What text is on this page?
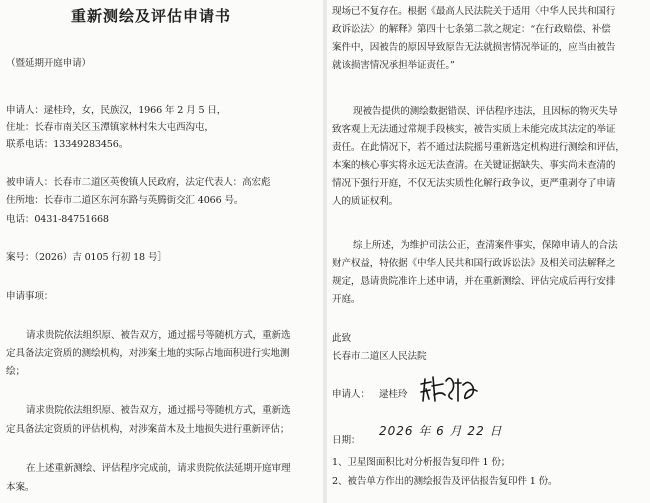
重新测绘及评估申请书
（暨延期开庭申请）
申请人：逯桂玲，女，民族汉，1966 年 2 月 5 日，
住址：长春市南关区玉潭镇家林村朱大屯西沟屯，
联系电话：13349283456。
被申请人：长春市二道区英俊镇人民政府，法定代表人：高宏彪
住所地：长春市二道区东河东路与英腾街交汇 4066 号。
电话：0431-84751668
案号：（2026）吉 0105 行初 18 号］
申请事项：
请求贵院依法组织原、被告双方，通过摇号等随机方式，重新选
定具备法定资质的测绘机构，对涉案土地的实际占地面积进行实地测
绘；
请求贵院依法组织原、被告双方，通过摇号等随机方式，重新选
定具备法定资质的评估机构，对涉案苗木及土地损失进行重新评估；
在上述重新测绘、评估程序完成前，请求贵院依法延期开庭审理
本案。
现场已不复存在。根据《最高人民法院关于适用〈中华人民共和国行
政诉讼法〉的解释》第四十七条第二款之规定：“在行政赔偿、补偿
案件中，因被告的原因导致原告无法就损害情况举证的，应当由被告
就该损害情况承担举证责任。”
现被告提供的测绘数据错误、评估程序违法，且因标的物灭失导
致客观上无法通过常规手段核实，被告实质上未能完成其法定的举证
责任。在此情况下，若不通过法院摇号重新选定机构进行测绘和评估，
本案的核心事实将永远无法查清。在关键证据缺失、事实尚未查清的
情况下强行开庭，不仅无法实质性化解行政争议，更严重剥夺了申请
人的质证权利。
综上所述，为维护司法公正，查清案件事实，保障申请人的合法
财产权益，特依据《中华人民共和国行政诉讼法》及相关司法解释之
规定，恳请贵院准许上述申请，并在重新测绘、评估完成后再行安排
开庭。
此致
长春市二道区人民法院
申请人： 逯桂玲
日期：
2026 年 6 月 22 日
1、卫星图面积比对分析报告复印件 1 份；
2、被告单方作出的测绘报告及评估报告复印件 1 份。
